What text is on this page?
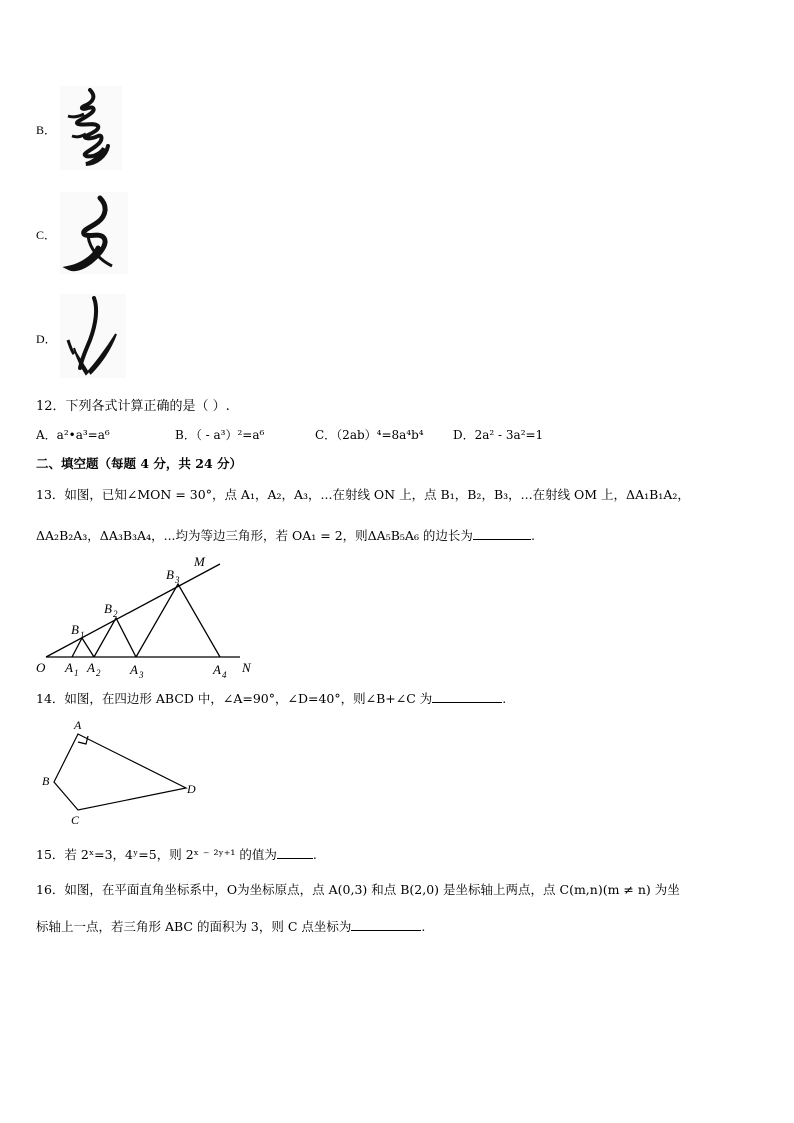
B．
C．
D．
12．下列各式计算正确的是（ ）.
A．a²•a³=a⁶	B．（ - a³）²=a⁶	C．（2ab）⁴=8a⁴b⁴ D．2a² - 3a²=1
二、填空题（每题 4 分，共 24 分）
13．如图，已知∠MON = 30°，点 A₁，A₂，A₃，...在射线 ON 上，点 B₁，B₂，B₃，...在射线 OM 上，ΔA₁B₁A₂，
ΔA₂B₂A₃，ΔA₃B₃A₄，...均为等边三角形，若 OA₁ = 2，则ΔA₅B₅A₆ 的边长为	.
O
M
N
A 1 A 2 A 3	A 4
B 1
B 2
B 3
14．如图，在四边形 ABCD 中，∠A=90°，∠D=40°，则∠B+∠C 为	.
A
B
C
D
15．若 2ˣ=3，4ʸ=5，则 2ˣ ⁻ ²ʸ⁺¹ 的值为	.
16．如图，在平面直角坐标系中，O为坐标原点，点 A(0,3) 和点 B(2,0) 是坐标轴上两点，点 C(m,n)(m ≠ n) 为坐
标轴上一点，若三角形 ABC 的面积为 3，则 C 点坐标为	.
